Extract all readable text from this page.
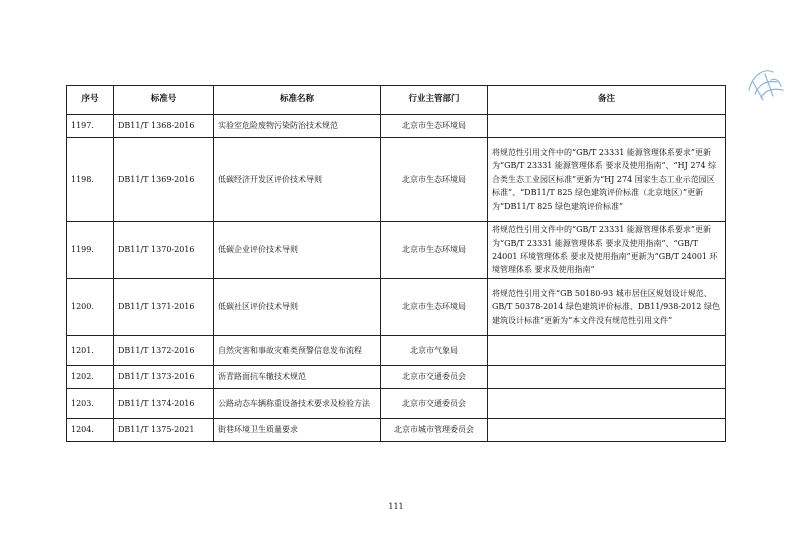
序号	标准号	标准名称	行业主管部门	备注
1197.	DB11/T 1368-2016	实验室危险废物污染防治技术规范	北京市生态环境局	
1198.	DB11/T 1369-2016	低碳经济开发区评价技术导则	北京市生态环境局	将规范性引用文件中的“GB/T 23331 能源管理体系要求”更新为“GB/T 23331 能源管理体系 要求及使用指南”、“HJ 274 综合类生态工业园区标准”更新为“HJ 274 国家生态工业示范园区标准”、“DB11/T 825 绿色建筑评价标准（北京地区）”更新为“DB11/T 825 绿色建筑评价标准”
1199.	DB11/T 1370-2016	低碳企业评价技术导则	北京市生态环境局	将规范性引用文件中的“GB/T 23331 能源管理体系要求”更新为“GB/T 23331 能源管理体系 要求及使用指南”、“GB/T 24001 环境管理体系 要求及使用指南”更新为“GB/T 24001 环境管理体系 要求及使用指南”
1200.	DB11/T 1371-2016	低碳社区评价技术导则	北京市生态环境局	将规范性引用文件“GB 50180-93 城市居住区规划设计规范、GB/T 50378-2014 绿色建筑评价标准、DB11/938-2012 绿色建筑设计标准”更新为“本文件没有规范性引用文件”
1201.	DB11/T 1372-2016	自然灾害和事故灾难类预警信息发布流程	北京市气象局	
1202.	DB11/T 1373-2016	沥青路面抗车辙技术规范	北京市交通委员会	
1203.	DB11/T 1374-2016	公路动态车辆称重设备技术要求及检验方法	北京市交通委员会	
1204.	DB11/T 1375-2021	街巷环境卫生质量要求	北京市城市管理委员会	
111
